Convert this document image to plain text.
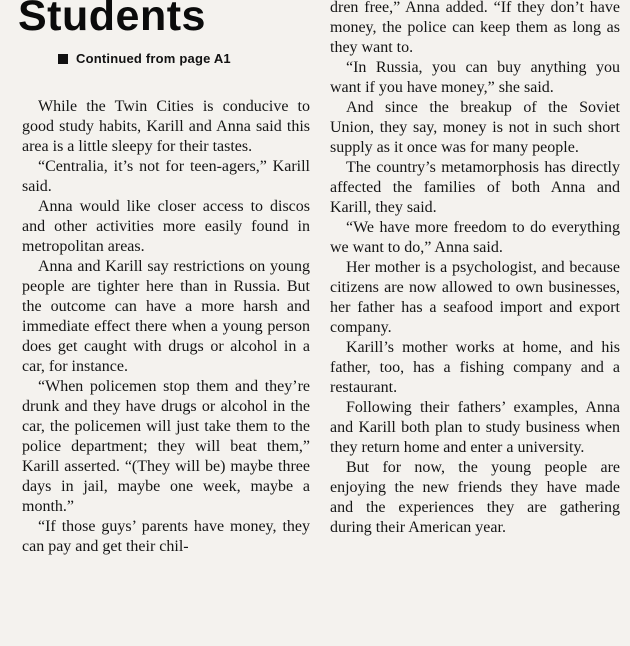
Students
Continued from page A1

While the Twin Cities is conducive to good study habits, Karill and Anna said this area is a little sleepy for their tastes.

“Centralia, it’s not for teen-agers,” Karill said.

Anna would like closer access to discos and other activities more easily found in metropolitan areas.

Anna and Karill say restrictions on young people are tighter here than in Russia. But the outcome can have a more harsh and immediate effect there when a young person does get caught with drugs or alcohol in a car, for instance.

“When policemen stop them and they’re drunk and they have drugs or alcohol in the car, the policemen will just take them to the police department; they will beat them,” Karill asserted. “(They will be) maybe three days in jail, maybe one week, maybe a month.”

“If those guys’ parents have money, they can pay and get their chil-

dren free,” Anna added. “If they don’t have money, the police can keep them as long as they want to.

“In Russia, you can buy anything you want if you have money,” she said.

And since the breakup of the Soviet Union, they say, money is not in such short supply as it once was for many people.

The country’s metamorphosis has directly affected the families of both Anna and Karill, they said.

“We have more freedom to do everything we want to do,” Anna said.

Her mother is a psychologist, and because citizens are now allowed to own businesses, her father has a seafood import and export company.

Karill’s mother works at home, and his father, too, has a fishing company and a restaurant.

Following their fathers’ examples, Anna and Karill both plan to study business when they return home and enter a university.

But for now, the young people are enjoying the new friends they have made and the experiences they are gathering during their American year.
